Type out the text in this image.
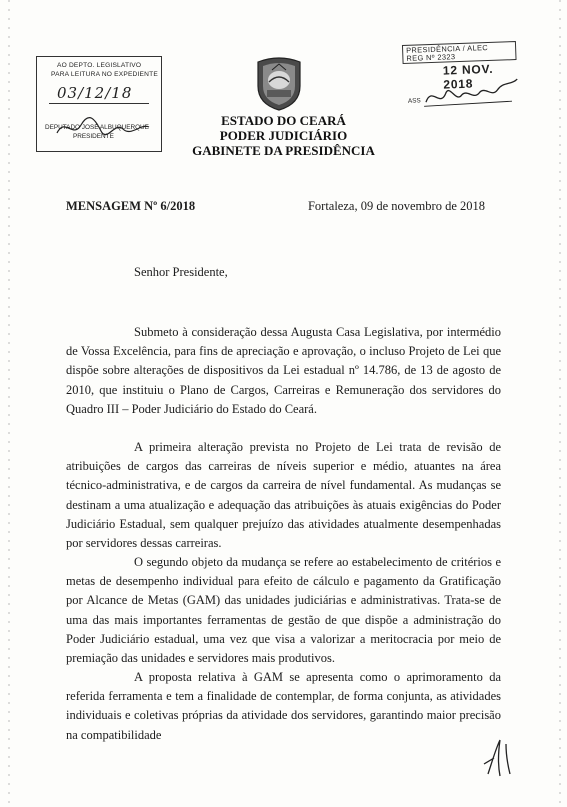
AO DEPTO. LEGISLATIVO
PARA LEITURA NO EXPEDIENTE
03/12/18
DEPUTADO JOSÉ ALBUQUERQUE
PRESIDENTE
PRESIDÊNCIA / ALEC
REG Nº 2323
12 NOV. 2018
ASS
ESTADO DO CEARÁ
PODER JUDICIÁRIO
GABINETE DA PRESIDÊNCIA
MENSAGEM Nº 6/2018	Fortaleza, 09 de novembro de 2018
Senhor Presidente,

Submeto à consideração dessa Augusta Casa Legislativa, por intermédio de Vossa Excelência, para fins de apreciação e aprovação, o incluso Projeto de Lei que dispõe sobre alterações de dispositivos da Lei estadual nº 14.786, de 13 de agosto de 2010, que instituiu o Plano de Cargos, Carreiras e Remuneração dos servidores do Quadro III – Poder Judiciário do Estado do Ceará.

A primeira alteração prevista no Projeto de Lei trata de revisão de atribuições de cargos das carreiras de níveis superior e médio, atuantes na área técnico-administrativa, e de cargos da carreira de nível fundamental. As mudanças se destinam a uma atualização e adequação das atribuições às atuais exigências do Poder Judiciário Estadual, sem qualquer prejuízo das atividades atualmente desempenhadas por servidores dessas carreiras.

O segundo objeto da mudança se refere ao estabelecimento de critérios e metas de desempenho individual para efeito de cálculo e pagamento da Gratificação por Alcance de Metas (GAM) das unidades judiciárias e administrativas. Trata-se de uma das mais importantes ferramentas de gestão de que dispõe a administração do Poder Judiciário estadual, uma vez que visa a valorizar a meritocracia por meio de premiação das unidades e servidores mais produtivos.

A proposta relativa à GAM se apresenta como o aprimoramento da referida ferramenta e tem a finalidade de contemplar, de forma conjunta, as atividades individuais e coletivas próprias da atividade dos servidores, garantindo maior precisão na compatibilidade
